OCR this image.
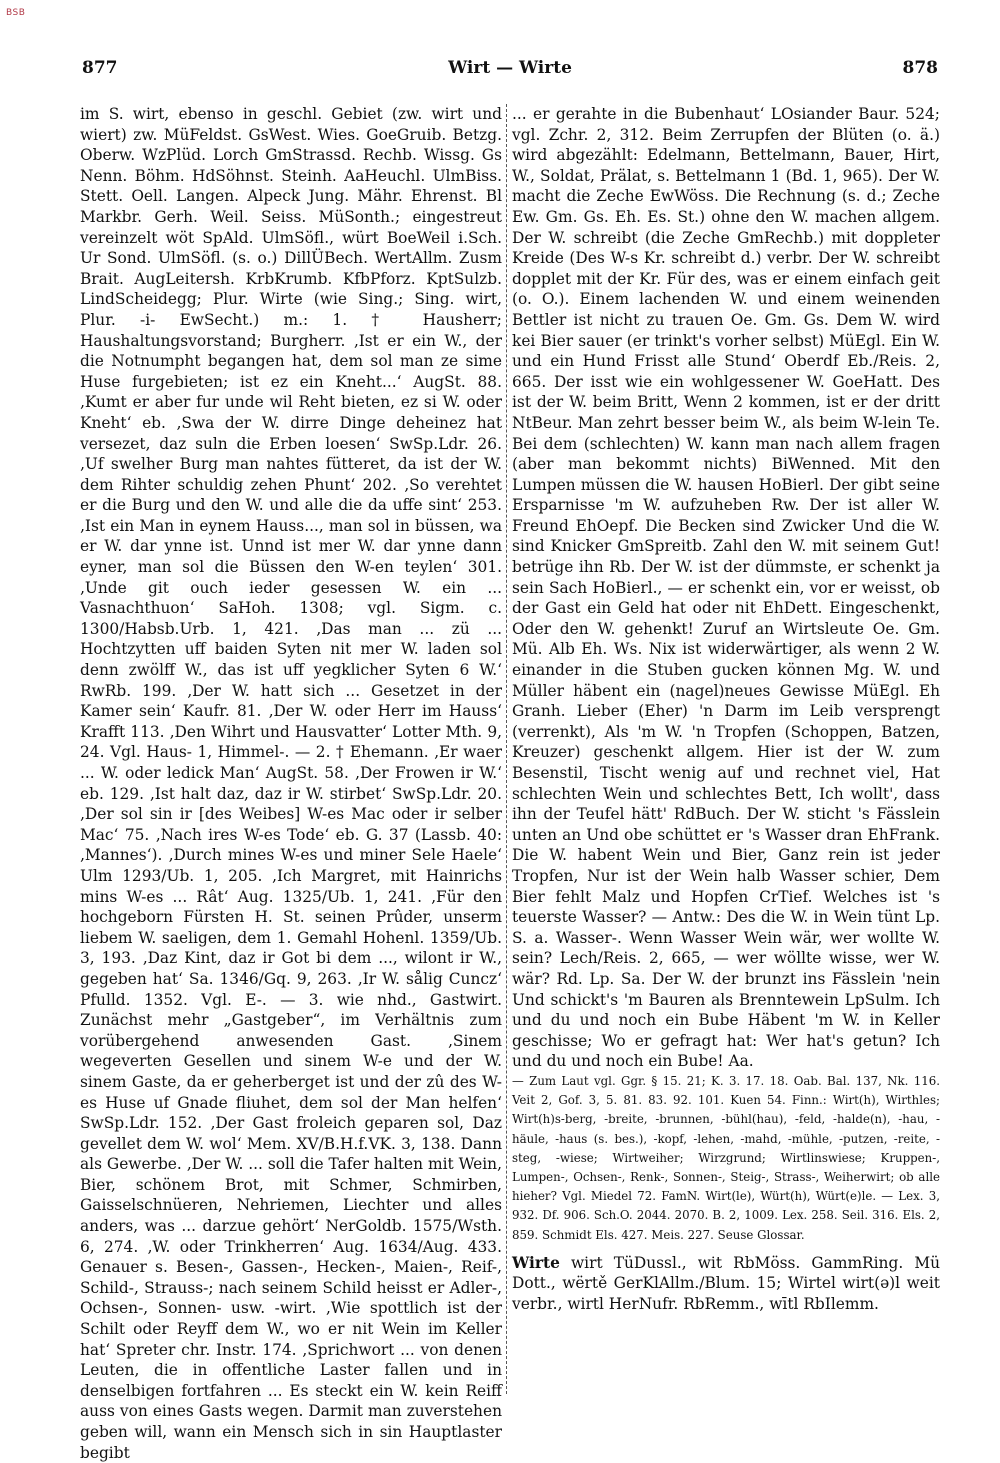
BSB
877	Wirt — Wirte	878

im S. wirt, ebenso in geschl. Gebiet (zw. wirt und wiert) zw. MüFeldst. GsWest. Wies. GoeGruib. Betzg. Oberw. WzPlüd. Lorch GmStrassd. Rechb. Wissg. Gs Nenn. Böhm. HdSöhnst. Steinh. AaHeuchl. UlmBiss. Stett. Oell. Langen. Alpeck Jung. Mähr. Ehrenst. Bl Markbr. Gerh. Weil. Seiss. MüSonth.; eingestreut vereinzelt wöt SpAld. UlmSöfl., würt BoeWeil i.Sch. Ur Sond. UlmSöfl. (s. o.) DillÜBech. WertAllm. Zusm Brait. AugLeitersh. KrbKrumb. KfbPforz. KptSulzb. LindScheidegg; Plur. Wirte (wie Sing.; Sing. wirt, Plur. -i- EwSecht.) m.: 1. † Hausherr; Haushaltungsvorstand; Burgherr. ‚Ist er ein W., der die Notnumpht begangen hat, dem sol man ze sime Huse furgebieten; ist ez ein Kneht...‘ AugSt. 88. ‚Kumt er aber fur unde wil Reht bieten, ez si W. oder Kneht‘ eb. ‚Swa der W. dirre Dinge deheinez hat versezet, daz suln die Erben loesen‘ SwSp.Ldr. 26. ‚Uf swelher Burg man nahtes fütteret, da ist der W. dem Rihter schuldig zehen Phunt‘ 202. ‚So verehtet er die Burg und den W. und alle die da uffe sint‘ 253. ‚Ist ein Man in eynem Hauss..., man sol in büssen, wa er W. dar ynne ist. Unnd ist mer W. dar ynne dann eyner, man sol die Büssen den W-en teylen‘ 301. ‚Unde git ouch ieder gesessen W. ein ... Vasnachthuon‘ SaHoh. 1308; vgl. Sigm. c. 1300/Habsb.Urb. 1, 421. ‚Das man ... zü ... Hochtzytten uff baiden Syten nit mer W. laden sol denn zwölff W., das ist uff yegklicher Syten 6 W.‘ RwRb. 199. ‚Der W. hatt sich ... Gesetzet in der Kamer sein‘ Kaufr. 81. ‚Der W. oder Herr im Hauss‘ Krafft 113. ‚Den Wihrt und Hausvatter‘ Lotter Mth. 9, 24. Vgl. Haus- 1, Himmel-. — 2. † Ehemann. ‚Er waer ... W. oder ledick Man‘ AugSt. 58. ‚Der Frowen ir W.‘ eb. 129. ‚Ist halt daz, daz ir W. stirbet‘ SwSp.Ldr. 20. ‚Der sol sin ir [des Weibes] W-es Mac oder ir selber Mac‘ 75. ‚Nach ires W-es Tode‘ eb. G. 37 (Lassb. 40: ‚Mannes‘). ‚Durch mines W-es und miner Sele Haele‘ Ulm 1293/Ub. 1, 205. ‚Ich Margret, mit Hainrichs mins W-es ... Rât‘ Aug. 1325/Ub. 1, 241. ‚Für den hochgeborn Fürsten H. St. seinen Prûder, unserm liebem W. saeligen, dem 1. Gemahl Hohenl. 1359/Ub. 3, 193. ‚Daz Kint, daz ir Got bi dem ..., wilont ir W., gegeben hat‘ Sa. 1346/Gq. 9, 263. ‚Ir W. sålig Cuncz‘ Pfulld. 1352. Vgl. E-. — 3. wie nhd., Gastwirt. Zunächst mehr „Gastgeber“, im Verhältnis zum vorübergehend anwesenden Gast. ‚Sinem wegeverten Gesellen und sinem W-e und der W. sinem Gaste, da er geherberget ist und der zû des W-es Huse uf Gnade fliuhet, dem sol der Man helfen‘ SwSp.Ldr. 152. ‚Der Gast froleich geparen sol, Daz gevellet dem W. wol‘ Mem. XV/B.H.f.VK. 3, 138. Dann als Gewerbe. ‚Der W. ... soll die Tafer halten mit Wein, Bier, schönem Brot, mit Schmer, Schmirben, Gaisselschnüeren, Nehriemen, Liechter und alles anders, was ... darzue gehört‘ NerGoldb. 1575/Wsth. 6, 274. ‚W. oder Trinkherren‘ Aug. 1634/Aug. 433. Genauer s. Besen-, Gassen-, Hecken-, Maien-, Reif-, Schild-, Strauss-; nach seinem Schild heisst er Adler-, Ochsen-, Sonnen- usw. -wirt. ‚Wie spottlich ist der Schilt oder Reyff dem W., wo er nit Wein im Keller hat‘ Spreter chr. Instr. 174. ‚Sprichwort ... von denen Leuten, die in offentliche Laster fallen und in denselbigen fortfahren ... Es steckt ein W. kein Reiff auss von eines Gasts wegen. Darmit man zuverstehen geben will, wann ein Mensch sich in sin Hauptlaster begibt

... er gerahte in die Bubenhaut‘ LOsiander Baur. 524; vgl. Zchr. 2, 312. Beim Zerrupfen der Blüten (o. ä.) wird abgezählt: Edelmann, Bettelmann, Bauer, Hirt, W., Soldat, Prälat, s. Bettelmann 1 (Bd. 1, 965). Der W. macht die Zeche EwWöss. Die Rechnung (s. d.; Zeche Ew. Gm. Gs. Eh. Es. St.) ohne den W. machen allgem. Der W. schreibt (die Zeche GmRechb.) mit doppleter Kreide (Des W-s Kr. schreibt d.) verbr. Der W. schreibt dopplet mit der Kr. Für des, was er einem einfach geit (o. O.). Einem lachenden W. und einem weinenden Bettler ist nicht zu trauen Oe. Gm. Gs. Dem W. wird kei Bier sauer (er trinkt's vorher selbst) MüEgl. Ein W. und ein Hund Frisst alle Stund‘ Oberdf Eb./Reis. 2, 665. Der isst wie ein wohlgessener W. GoeHatt. Des ist der W. beim Britt, Wenn 2 kommen, ist er der dritt NtBeur. Man zehrt besser beim W., als beim W-lein Te. Bei dem (schlechten) W. kann man nach allem fragen (aber man bekommt nichts) BiWenned. Mit den Lumpen müssen die W. hausen HoBierl. Der gibt seine Ersparnisse 'm W. aufzuheben Rw. Der ist aller W. Freund EhOepf. Die Becken sind Zwicker Und die W. sind Knicker GmSpreitb. Zahl den W. mit seinem Gut! betrüge ihn Rb. Der W. ist der dümmste, er schenkt ja sein Sach HoBierl., — er schenkt ein, vor er weisst, ob der Gast ein Geld hat oder nit EhDett. Eingeschenkt, Oder den W. gehenkt! Zuruf an Wirtsleute Oe. Gm. Mü. Alb Eh. Ws. Nix ist widerwärtiger, als wenn 2 W. einander in die Stuben gucken können Mg. W. und Müller häbent ein (nagel)neues Gewisse MüEgl. Eh Granh. Lieber (Eher) 'n Darm im Leib versprengt (verrenkt), Als 'm W. 'n Tropfen (Schoppen, Batzen, Kreuzer) geschenkt allgem. Hier ist der W. zum Besenstil, Tischt wenig auf und rechnet viel, Hat schlechten Wein und schlechtes Bett, Ich wollt', dass ihn der Teufel hätt' RdBuch. Der W. sticht 's Fässlein unten an Und obe schüttet er 's Wasser dran EhFrank. Die W. habent Wein und Bier, Ganz rein ist jeder Tropfen, Nur ist der Wein halb Wasser schier, Dem Bier fehlt Malz und Hopfen CrTief. Welches ist 's teuerste Wasser? — Antw.: Des die W. in Wein tünt Lp. S. a. Wasser-. Wenn Wasser Wein wär, wer wollte W. sein? Lech/Reis. 2, 665, — wer wöllte wisse, wer W. wär? Rd. Lp. Sa. Der W. der brunzt ins Fässlein 'nein Und schickt's 'm Bauren als Brenntewein LpSulm. Ich und du und noch ein Bube Häbent 'm W. in Keller geschisse; Wo er gefragt hat: Wer hat's getun? Ich und du und noch ein Bube! Aa.

— Zum Laut vgl. Ggr. § 15. 21; K. 3. 17. 18. Oab. Bal. 137, Nk. 116. Veit 2, Gof. 3, 5. 81. 83. 92. 101. Kuen 54. Finn.: Wirt(h), Wirthles; Wirt(h)s-berg, -breite, -brunnen, -bühl(hau), -feld, -halde(n), -hau, -häule, -haus (s. bes.), -kopf, -lehen, -mahd, -mühle, -putzen, -reite, -steg, -wiese; Wirtweiher; Wirzgrund; Wirtlinswiese; Kruppen-, Lumpen-, Ochsen-, Renk-, Sonnen-, Steig-, Strass-, Weiherwirt; ob alle hieher? Vgl. Miedel 72. FamN. Wirt(le), Würt(h), Würt(e)le. — Lex. 3, 932. Df. 906. Sch.O. 2044. 2070. B. 2, 1009. Lex. 258. Seil. 316. Els. 2, 859. Schmidt Els. 427. Meis. 227. Seuse Glossar.

Wirte wirt TüDussl., wit RbMöss. GammRing. Mü Dott., wërtě GerKlAllm./Blum. 15; Wirtel wirt(ə)l weit verbr., wirtl HerNufr. RbRemm., wītl RbIlemm.
